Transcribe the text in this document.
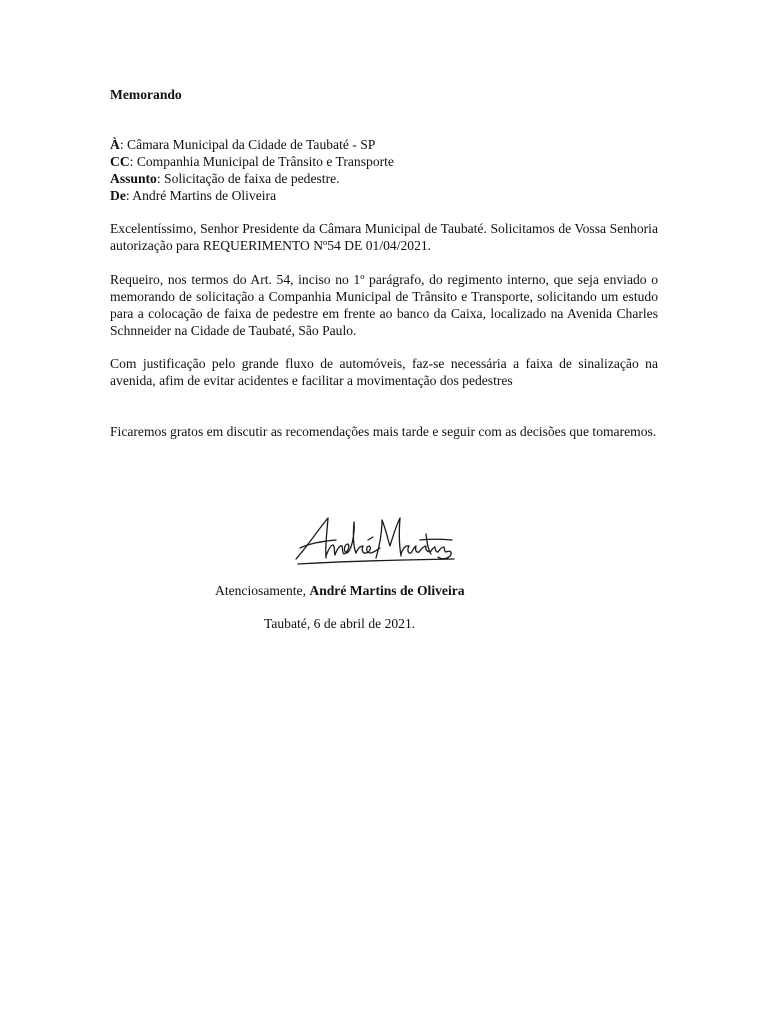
Memorando
À: Câmara Municipal da Cidade de Taubaté - SP
CC: Companhia Municipal de Trânsito e Transporte
Assunto: Solicitação de faixa de pedestre.
De: André Martins de Oliveira
Excelentíssimo, Senhor Presidente da Câmara Municipal de Taubaté. Solicitamos de Vossa Senhoria autorização para REQUERIMENTO Nº54 DE 01/04/2021.
Requeiro, nos termos do Art. 54, inciso no 1º parágrafo, do regimento interno, que seja enviado o memorando de solicitação a Companhia Municipal de Trânsito e Transporte, solicitando um estudo para a colocação de faixa de pedestre em frente ao banco da Caixa, localizado na Avenida Charles Schnneider na Cidade de Taubaté, São Paulo.
Com justificação pelo grande fluxo de automóveis, faz-se necessária a faixa de sinalização na avenida, afim de evitar acidentes e facilitar a movimentação dos pedestres
Ficaremos gratos em discutir as recomendações mais tarde e seguir com as decisões que tomaremos.
Atenciosamente, André Martins de Oliveira
Taubaté, 6 de abril de 2021.
